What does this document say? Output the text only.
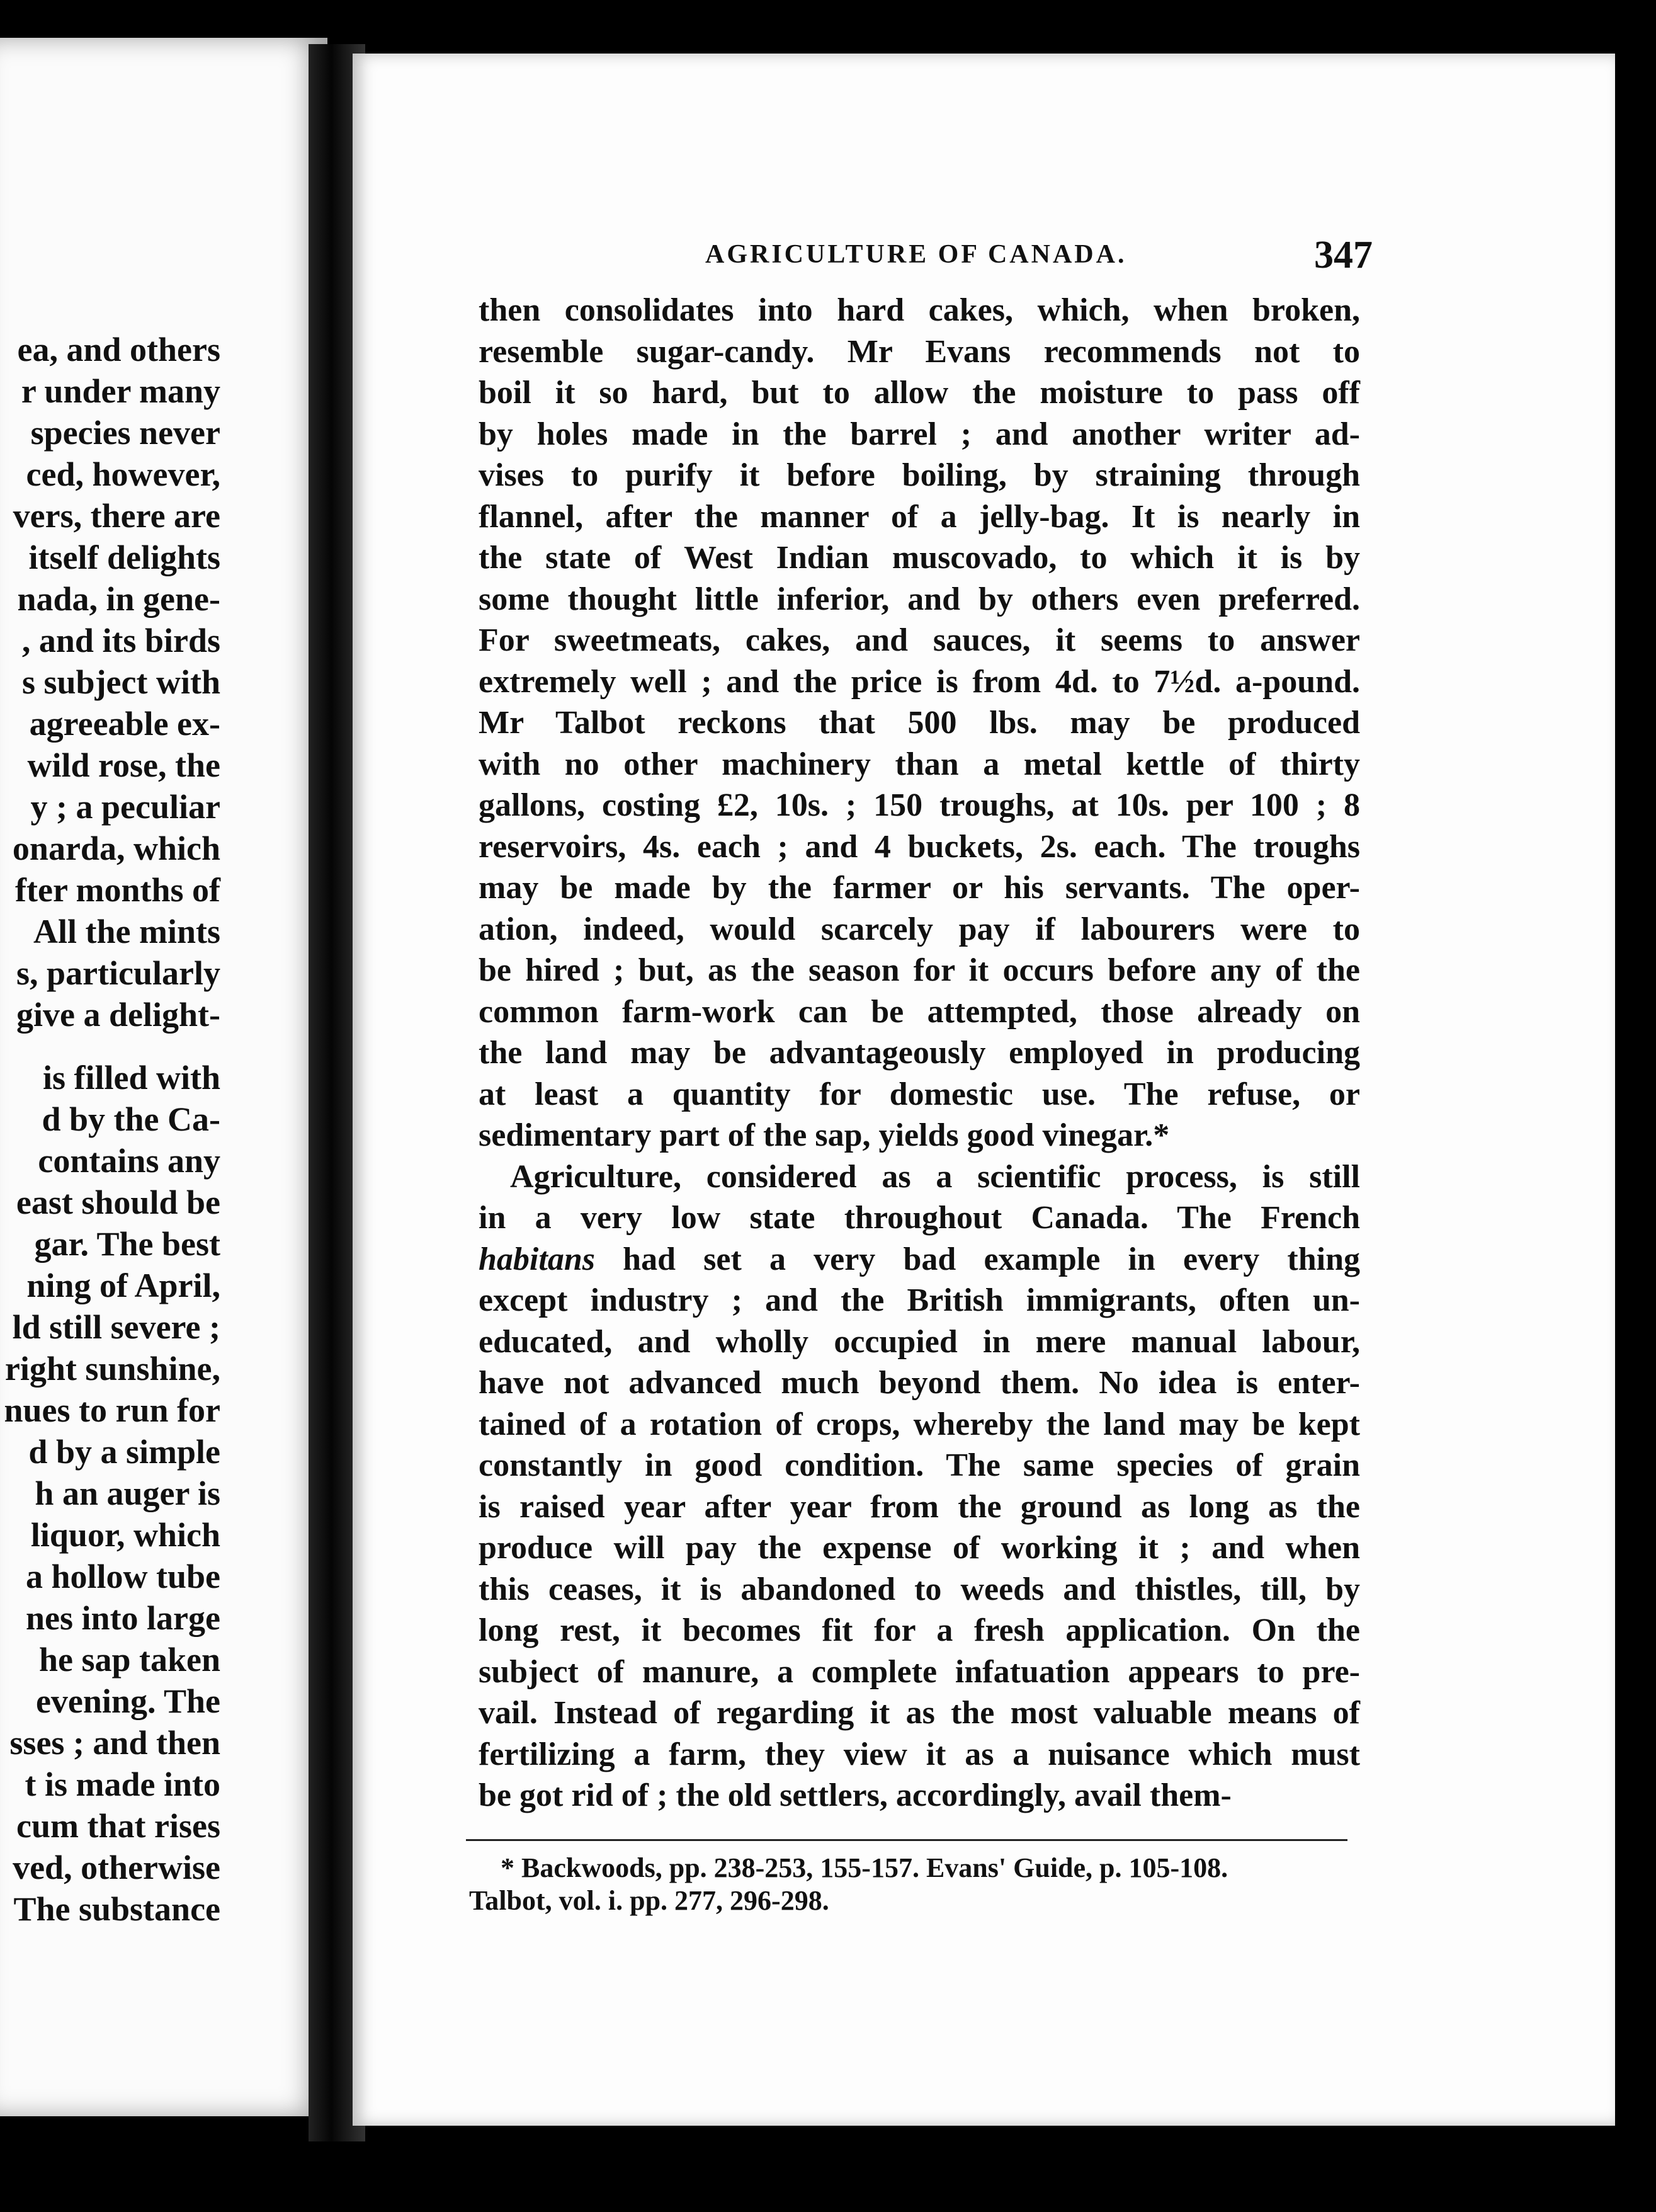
ea, and others
r under many
species never
ced, however,
vers, there are
itself delights
nada, in gene-
, and its birds
s subject with
agreeable ex-
wild rose, the
y ; a peculiar
onarda, which
fter months of
All the mints
s, particularly
give a delight-
is filled with
d by the Ca-
contains any
east should be
gar. The best
ning of April,
ld still severe ;
right sunshine,
nues to run for
d by a simple
h an auger is
liquor, which
a hollow tube
nes into large
he sap taken
evening. The
sses ; and then
t is made into
cum that rises
ved, otherwise
The substance
AGRICULTURE OF CANADA.	347
then consolidates into hard cakes, which, when broken,
resemble sugar-candy. Mr Evans recommends not to
boil it so hard, but to allow the moisture to pass off
by holes made in the barrel ; and another writer ad-
vises to purify it before boiling, by straining through
flannel, after the manner of a jelly-bag. It is nearly in
the state of West Indian muscovado, to which it is by
some thought little inferior, and by others even preferred.
For sweetmeats, cakes, and sauces, it seems to answer
extremely well ; and the price is from 4d. to 7½d. a-pound.
Mr Talbot reckons that 500 lbs. may be produced
with no other machinery than a metal kettle of thirty
gallons, costing £2, 10s. ; 150 troughs, at 10s. per 100 ; 8
reservoirs, 4s. each ; and 4 buckets, 2s. each. The troughs
may be made by the farmer or his servants. The oper-
ation, indeed, would scarcely pay if labourers were to
be hired ; but, as the season for it occurs before any of the
common farm-work can be attempted, those already on
the land may be advantageously employed in producing
at least a quantity for domestic use. The refuse, or
sedimentary part of the sap, yields good vinegar.*
Agriculture, considered as a scientific process, is still
in a very low state throughout Canada. The French
habitans had set a very bad example in every thing
except industry ; and the British immigrants, often un-
educated, and wholly occupied in mere manual labour,
have not advanced much beyond them. No idea is enter-
tained of a rotation of crops, whereby the land may be kept
constantly in good condition. The same species of grain
is raised year after year from the ground as long as the
produce will pay the expense of working it ; and when
this ceases, it is abandoned to weeds and thistles, till, by
long rest, it becomes fit for a fresh application. On the
subject of manure, a complete infatuation appears to pre-
vail. Instead of regarding it as the most valuable means of
fertilizing a farm, they view it as a nuisance which must
be got rid of ; the old settlers, accordingly, avail them-
* Backwoods, pp. 238-253, 155-157. Evans' Guide, p. 105-108.
Talbot, vol. i. pp. 277, 296-298.
